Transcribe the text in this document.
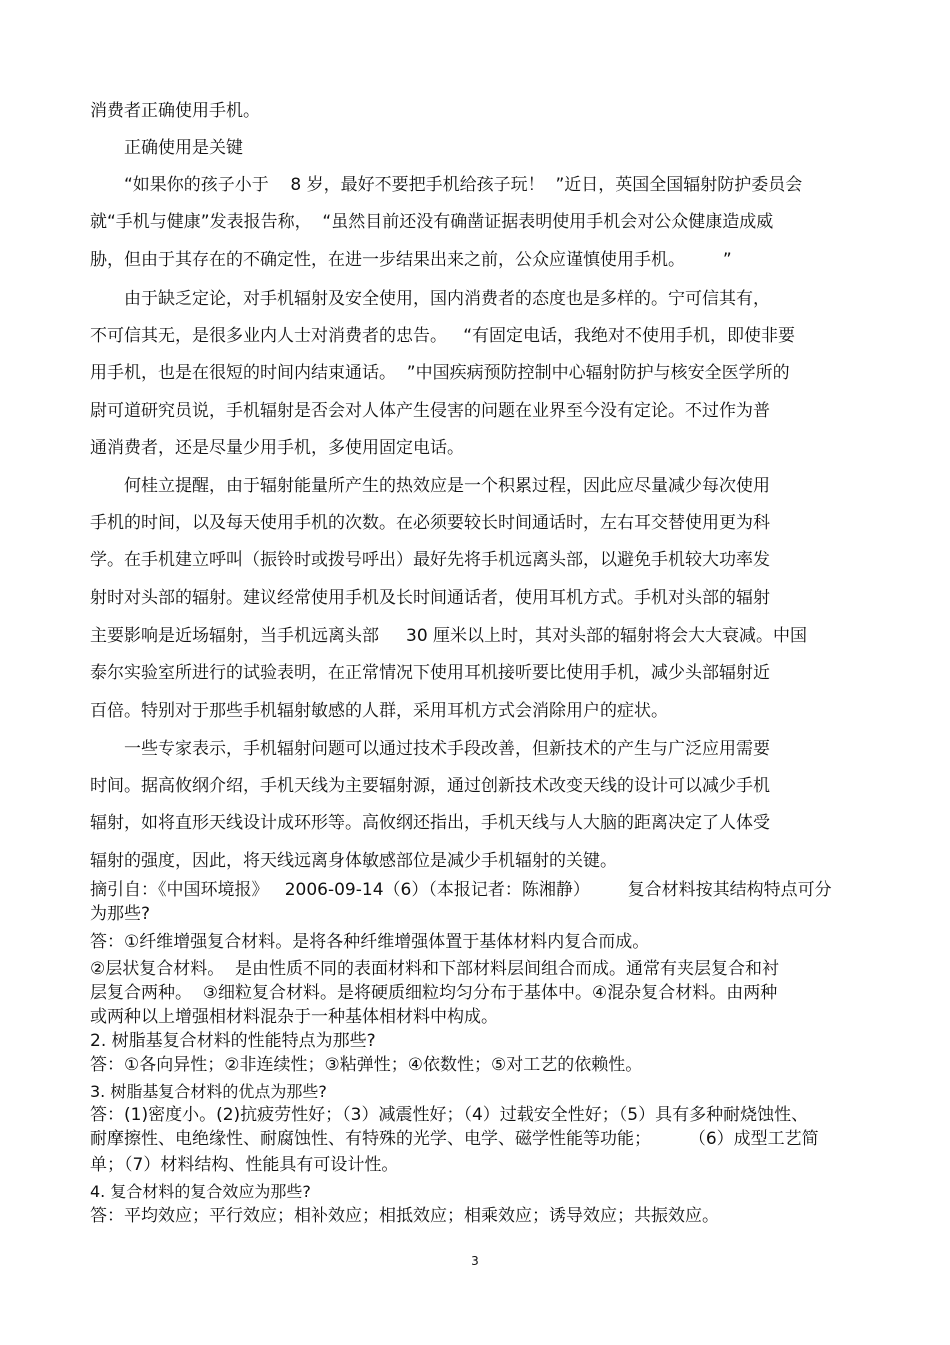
消费者正确使用手机。
正确使用是关键
“如果你的孩子小于    8 岁，最好不要把手机给孩子玩！  ”近日，英国全国辐射防护委员会
就“手机与健康”发表报告称，  “虽然目前还没有确凿证据表明使用手机会对公众健康造成威
胁，但由于其存在的不确定性，在进一步结果出来之前，公众应谨慎使用手机。       ”
由于缺乏定论，对手机辐射及安全使用，国内消费者的态度也是多样的。宁可信其有，
不可信其无，是很多业内人士对消费者的忠告。   “有固定电话，我绝对不使用手机，即使非要
用手机，也是在很短的时间内结束通话。  ”中国疾病预防控制中心辐射防护与核安全医学所的
尉可道研究员说，手机辐射是否会对人体产生侵害的问题在业界至今没有定论。不过作为普
通消费者，还是尽量少用手机，多使用固定电话。
何桂立提醒，由于辐射能量所产生的热效应是一个积累过程，因此应尽量减少每次使用
手机的时间，以及每天使用手机的次数。在必须要较长时间通话时，左右耳交替使用更为科
学。在手机建立呼叫（振铃时或拨号呼出）最好先将手机远离头部，以避免手机较大功率发
射时对头部的辐射。建议经常使用手机及长时间通话者，使用耳机方式。手机对头部的辐射
主要影响是近场辐射，当手机远离头部     30 厘米以上时，其对头部的辐射将会大大衰减。中国
泰尔实验室所进行的试验表明，在正常情况下使用耳机接听要比使用手机，减少头部辐射近
百倍。特别对于那些手机辐射敏感的人群，采用耳机方式会消除用户的症状。
一些专家表示，手机辐射问题可以通过技术手段改善，但新技术的产生与广泛应用需要
时间。据高攸纲介绍，手机天线为主要辐射源，通过创新技术改变天线的设计可以减少手机
辐射，如将直形天线设计成环形等。高攸纲还指出，手机天线与人大脑的距离决定了人体受
辐射的强度，因此，将天线远离身体敏感部位是减少手机辐射的关键。
摘引自：《中国环境报》   2006-09-14（6）（本报记者：陈湘静）       复合材料按其结构特点可分
为那些?
答：①纤维增强复合材料。是将各种纤维增强体置于基体材料内复合而成。
②层状复合材料。  是由性质不同的表面材料和下部材料层间组合而成。通常有夹层复合和衬
层复合两种。  ③细粒复合材料。是将硬质细粒均匀分布于基体中。④混杂复合材料。由两种
或两种以上增强相材料混杂于一种基体相材料中构成。
2. 树脂基复合材料的性能特点为那些?
答：①各向异性；②非连续性；③粘弹性；④依数性；⑤对工艺的依赖性。
3. 树脂基复合材料的优点为那些?
答：(1)密度小。(2)抗疲劳性好；（3）减震性好；（4）过载安全性好；（5）具有多种耐烧蚀性、
耐摩擦性、电绝缘性、耐腐蚀性、有特殊的光学、电学、磁学性能等功能；       （6）成型工艺简
单；（7）材料结构、性能具有可设计性。
4. 复合材料的复合效应为那些?
答：平均效应；平行效应；相补效应；相抵效应；相乘效应；诱导效应；共振效应。
3
